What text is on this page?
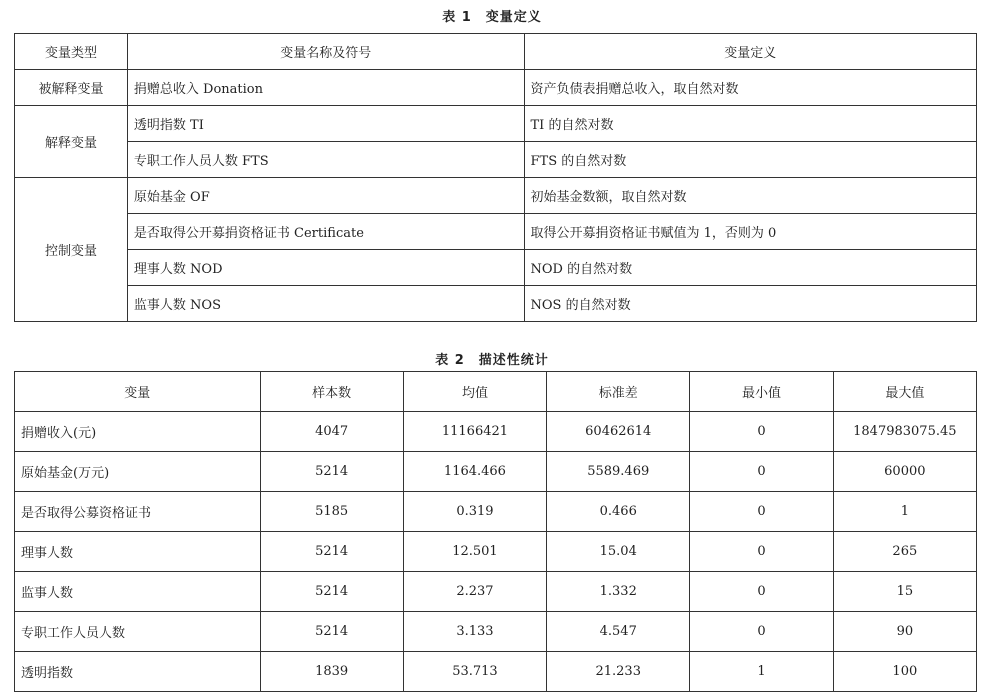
表 1　变量定义
变量类型	变量名称及符号	变量定义
被解释变量	捐赠总收入 Donation	资产负债表捐赠总收入，取自然对数
解释变量	透明指数 TI	TI 的自然对数
	专职工作人员人数 FTS	FTS 的自然对数
控制变量	原始基金 OF	初始基金数额，取自然对数
	是否取得公开募捐资格证书 Certificate	取得公开募捐资格证书赋值为 1，否则为 0
	理事人数 NOD	NOD 的自然对数
	监事人数 NOS	NOS 的自然对数
表 2　描述性统计
变量	样本数	均值	标准差	最小值	最大值
捐赠收入(元)	4047	11166421	60462614	0	1847983075.45
原始基金(万元)	5214	1164.466	5589.469	0	60000
是否取得公募资格证书	5185	0.319	0.466	0	1
理事人数	5214	12.501	15.04	0	265
监事人数	5214	2.237	1.332	0	15
专职工作人员人数	5214	3.133	4.547	0	90
透明指数	1839	53.713	21.233	1	100
